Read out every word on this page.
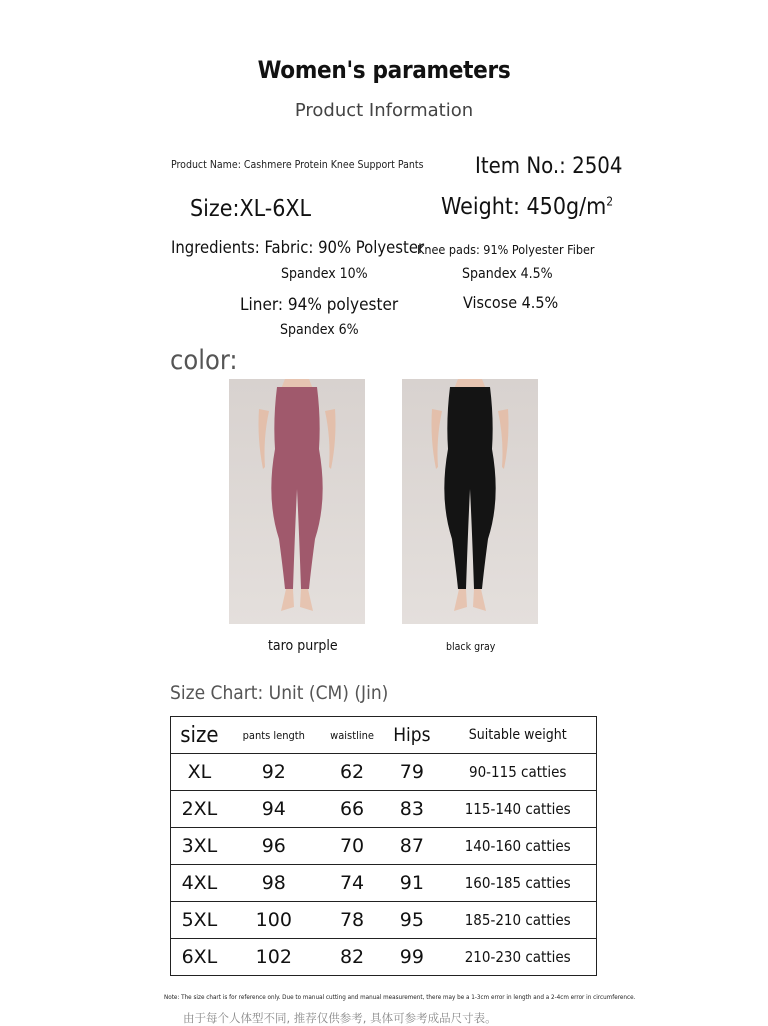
Women's parameters
Product Information
Product Name: Cashmere Protein Knee Support Pants Item No.: 2504
Size:XL-6XL	Weight: $450g/m^2$
Ingredients: Fabric: 90% Polyester
Spandex 10%
Knee pads: 91% Polyester Fiber
Spandex 4.5%
Liner: 94% polyester	Viscose 4.5%
Spandex 6%
color:
taro purple	black gray
Size Chart: Unit (CM) (Jin)
size	pants length	waistline	Hips	Suitable weight
XL	92	62	79	90-115 catties
2XL	94	66	83	115-140 catties
3XL	96	70	87	140-160 catties
4XL	98	74	91	160-185 catties
5XL	100	78	95	185-210 catties
6XL	102	82	99	210-230 catties
Note: The size chart is for reference only. Due to manual cutting and manual measurement, there may be a 1-3cm error in length and a 2-4cm error in circumference.
由于每个人体型不同, 推荐仅供参考, 具体可参考成品尺寸表。
